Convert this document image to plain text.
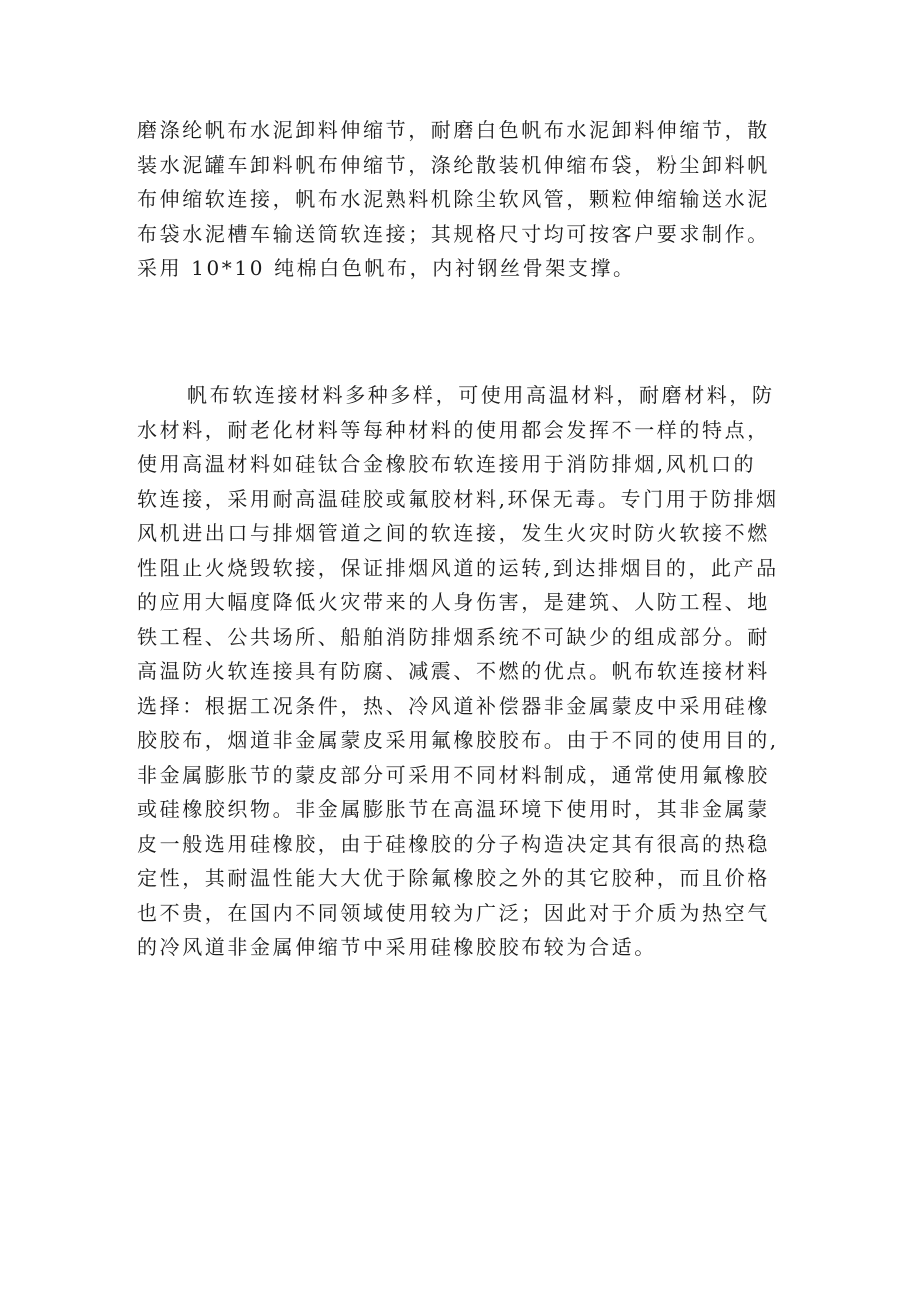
磨涤纶帆布水泥卸料伸缩节，耐磨白色帆布水泥卸料伸缩节，散
装水泥罐车卸料帆布伸缩节，涤纶散装机伸缩布袋，粉尘卸料帆
布伸缩软连接，帆布水泥熟料机除尘软风管，颗粒伸缩输送水泥
布袋水泥槽车输送筒软连接；其规格尺寸均可按客户要求制作。
采用 10*10 纯棉白色帆布，内衬钢丝骨架支撑。
帆布软连接材料多种多样，可使用高温材料，耐磨材料，防
水材料，耐老化材料等每种材料的使用都会发挥不一样的特点，
使用高温材料如硅钛合金橡胶布软连接用于消防排烟,风机口的
软连接，采用耐高温硅胶或氟胶材料,环保无毒。专门用于防排烟
风机进出口与排烟管道之间的软连接，发生火灾时防火软接不燃
性阻止火烧毁软接，保证排烟风道的运转,到达排烟目的，此产品
的应用大幅度降低火灾带来的人身伤害，是建筑、人防工程、地
铁工程、公共场所、船舶消防排烟系统不可缺少的组成部分。耐
高温防火软连接具有防腐、减震、不燃的优点。帆布软连接材料
选择：根据工况条件，热、冷风道补偿器非金属蒙皮中采用硅橡
胶胶布，烟道非金属蒙皮采用氟橡胶胶布。由于不同的使用目的,
非金属膨胀节的蒙皮部分可采用不同材料制成，通常使用氟橡胶
或硅橡胶织物。非金属膨胀节在高温环境下使用时，其非金属蒙
皮一般选用硅橡胶，由于硅橡胶的分子构造决定其有很高的热稳
定性，其耐温性能大大优于除氟橡胶之外的其它胶种，而且价格
也不贵，在国内不同领域使用较为广泛；因此对于介质为热空气
的冷风道非金属伸缩节中采用硅橡胶胶布较为合适。
